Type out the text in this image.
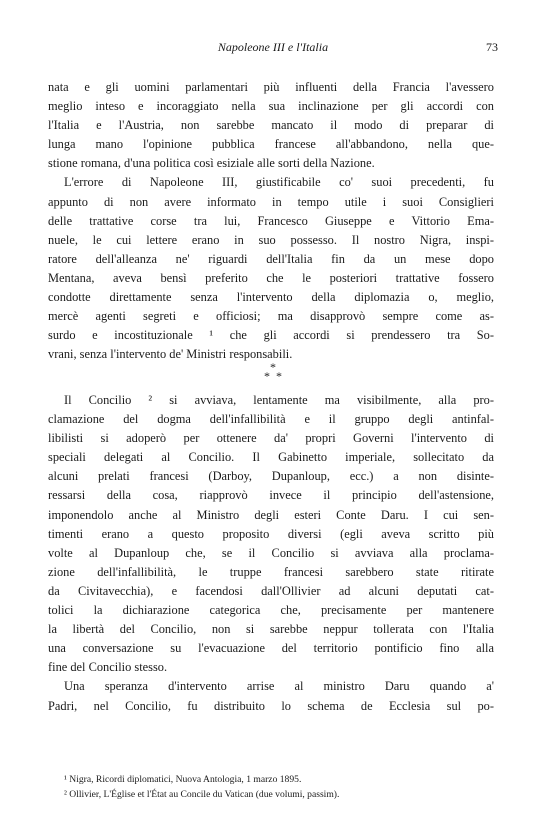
Napoleone III e l'Italia	73
nata e gli uomini parlamentari più influenti della Francia l'avessero
meglio inteso e incoraggiato nella sua inclinazione per gli accordi con
l'Italia e l'Austria, non sarebbe mancato il modo di preparar di
lunga mano l'opinione pubblica francese all'abbandono, nella que-
stione romana, d'una politica così esiziale alle sorti della Nazione.
L'errore di Napoleone III, giustificabile co' suoi precedenti, fu
appunto di non avere informato in tempo utile i suoi Consiglieri
delle trattative corse tra lui, Francesco Giuseppe e Vittorio Ema-
nuele, le cui lettere erano in suo possesso. Il nostro Nigra, inspi-
ratore dell'alleanza ne' riguardi dell'Italia fin da un mese dopo
Mentana, aveva bensì preferito che le posteriori trattative fossero
condotte direttamente senza l'intervento della diplomazia o, meglio,
mercè agenti segreti e officiosi; ma disapprovò sempre come as-
surdo e incostituzionale ¹ che gli accordi si prendessero tra So-
vrani, senza l'intervento de' Ministri responsabili.
*
* *
Il Concilio ² si avviava, lentamente ma visibilmente, alla pro-
clamazione del dogma dell'infallibilità e il gruppo degli antinfal-
libilisti si adoperò per ottenere da' propri Governi l'intervento di
speciali delegati al Concilio. Il Gabinetto imperiale, sollecitato da
alcuni prelati francesi (Darboy, Dupanloup, ecc.) a non disinte-
ressarsi della cosa, riapprovò invece il principio dell'astensione,
imponendolo anche al Ministro degli esteri Conte Daru. I cui sen-
timenti erano a questo proposito diversi (egli aveva scritto più
volte al Dupanloup che, se il Concilio si avviava alla proclama-
zione dell'infallibilità, le truppe francesi sarebbero state ritirate
da Civitavecchia), e facendosi dall'Ollivier ad alcuni deputati cat-
tolici la dichiarazione categorica che, precisamente per mantenere
la libertà del Concilio, non si sarebbe neppur tollerata con l'Italia
una conversazione su l'evacuazione del territorio pontificio fino alla
fine del Concilio stesso.
Una speranza d'intervento arrise al ministro Daru quando a'
Padri, nel Concilio, fu distribuito lo schema de Ecclesia sul po-
¹ Nigra, Ricordi diplomatici, Nuova Antologia, 1 marzo 1895.
² Ollivier, L'Église et l'État au Concile du Vatican (due volumi, passim).
